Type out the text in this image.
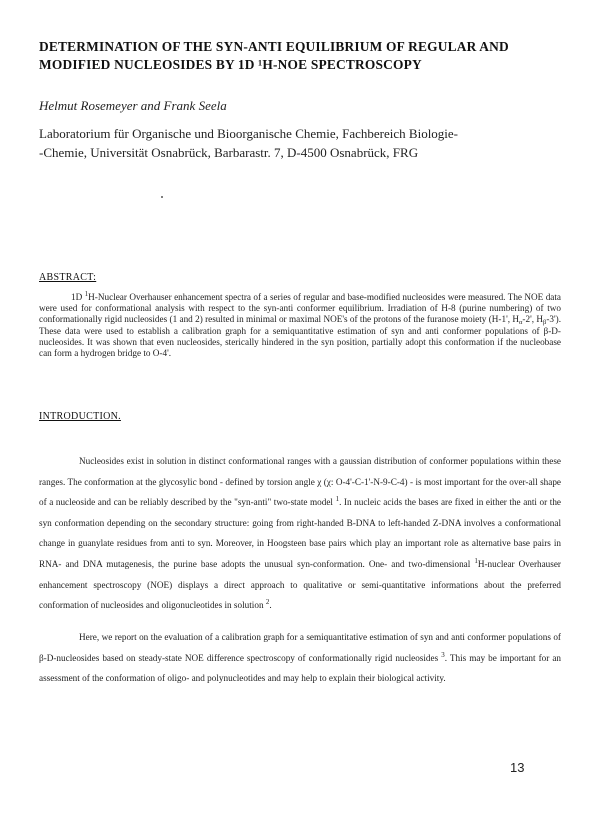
DETERMINATION OF THE SYN-ANTI EQUILIBRIUM OF REGULAR AND MODIFIED NUCLEOSIDES BY 1D ¹H-NOE SPECTROSCOPY
Helmut Rosemeyer and Frank Seela
Laboratorium für Organische und Bioorganische Chemie, Fachbereich Biologie-
-Chemie, Universität Osnabrück, Barbarastr. 7, D-4500 Osnabrück, FRG
ABSTRACT:
1D $^1$H-Nuclear Overhauser enhancement spectra of a series of regular and base-modified nucleosides were measured. The NOE data were used for conformational analysis with respect to the syn-anti conformer equilibrium. Irradiation of H-8 (purine numbering) of two conformationally rigid nucleosides (1 and 2) resulted in minimal or maximal NOE's of the protons of the furanose moiety (H-1', $H_\alpha-2'$, $H_\beta-3'$). These data were used to establish a calibration graph for a semiquantitative estimation of syn and anti conformer populations of β-D-nucleosides. It was shown that even nucleosides, sterically hindered in the syn position, partially adopt this conformation if the nucleobase can form a hydrogen bridge to O-4'.
INTRODUCTION.
Nucleosides exist in solution in distinct conformational ranges with a gaussian distribution of conformer populations within these ranges. The conformation at the glycosylic bond - defined by torsion angle χ (χ: O-4'-C-1'-N-9-C-4) - is most important for the over-all shape of a nucleoside and can be reliably described by the "syn-anti" two-state model $^1$. In nucleic acids the bases are fixed in either the anti or the syn conformation depending on the secondary structure: going from right-handed B-DNA to left-handed Z-DNA involves a conformational change in guanylate residues from anti to syn. Moreover, in Hoogsteen base pairs which play an important role as alternative base pairs in RNA- and DNA mutagenesis, the purine base adopts the unusual syn-conformation. One- and two-dimensional $^1$H-nuclear Overhauser enhancement spectroscopy (NOE) displays a direct approach to qualitative or semi-quantitative informations about the preferred conformation of nucleosides and oligonucleotides in solution $^2$.
Here, we report on the evaluation of a calibration graph for a semiquantitative estimation of syn and anti conformer populations of β-D-nucleosides based on steady-state NOE difference spectroscopy of conformationally rigid nucleosides $^3$. This may be important for an assessment of the conformation of oligo- and polynucleotides and may help to explain their biological activity.
13
